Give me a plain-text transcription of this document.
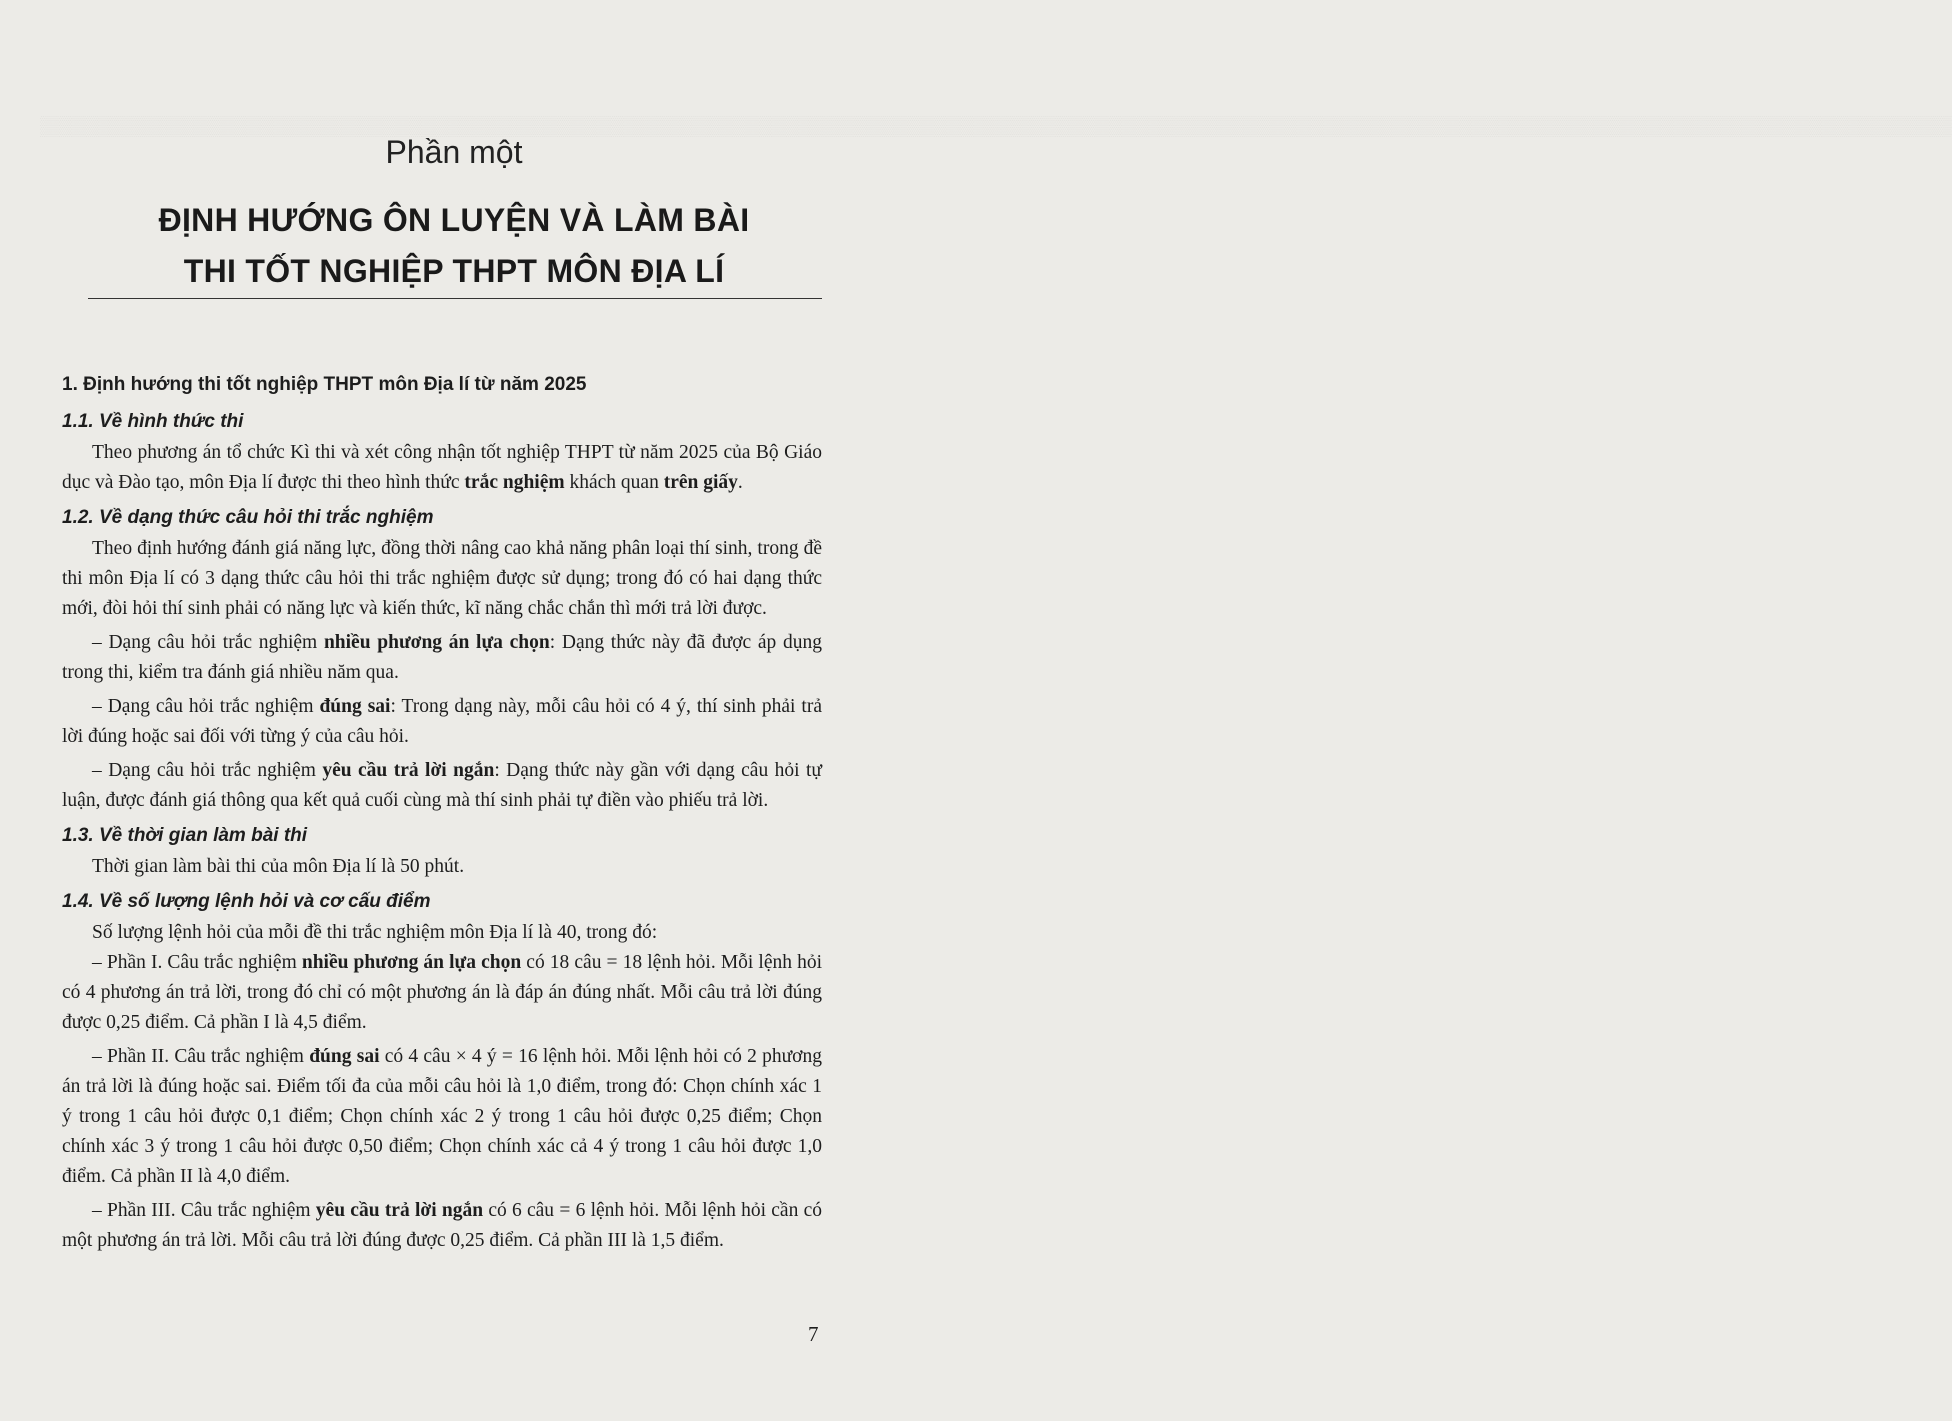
▒▒▒▒▒▒▒▒▒▒▒▒▒▒▒▒▒▒▒▒▒▒▒▒▒▒▒▒▒▒▒▒▒▒▒▒▒▒▒▒▒▒▒▒▒▒▒▒▒▒▒▒▒▒▒▒▒▒▒▒▒▒▒▒▒▒▒▒▒▒▒▒▒▒▒▒▒▒▒▒▒▒▒▒▒▒▒▒▒▒▒▒▒▒▒▒▒▒▒▒▒▒▒▒▒▒▒▒▒▒▒▒▒▒▒▒▒▒▒▒▒▒▒▒▒▒▒▒▒▒▒▒▒▒▒▒▒▒▒▒▒▒
Phần một
ĐỊNH HƯỚNG ÔN LUYỆN VÀ LÀM BÀI
THI TỐT NGHIỆP THPT MÔN ĐỊA LÍ
1. Định hướng thi tốt nghiệp THPT môn Địa lí từ năm 2025
1.1. Về hình thức thi

Theo phương án tổ chức Kì thi và xét công nhận tốt nghiệp THPT từ năm 2025 của Bộ Giáo dục và Đào tạo, môn Địa lí được thi theo hình thức trắc nghiệm khách quan trên giấy.

1.2. Về dạng thức câu hỏi thi trắc nghiệm

Theo định hướng đánh giá năng lực, đồng thời nâng cao khả năng phân loại thí sinh, trong đề thi môn Địa lí có 3 dạng thức câu hỏi thi trắc nghiệm được sử dụng; trong đó có hai dạng thức mới, đòi hỏi thí sinh phải có năng lực và kiến thức, kĩ năng chắc chắn thì mới trả lời được.

– Dạng câu hỏi trắc nghiệm nhiều phương án lựa chọn: Dạng thức này đã được áp dụng trong thi, kiểm tra đánh giá nhiều năm qua.

– Dạng câu hỏi trắc nghiệm đúng sai: Trong dạng này, mỗi câu hỏi có 4 ý, thí sinh phải trả lời đúng hoặc sai đối với từng ý của câu hỏi.

– Dạng câu hỏi trắc nghiệm yêu cầu trả lời ngắn: Dạng thức này gần với dạng câu hỏi tự luận, được đánh giá thông qua kết quả cuối cùng mà thí sinh phải tự điền vào phiếu trả lời.

1.3. Về thời gian làm bài thi

Thời gian làm bài thi của môn Địa lí là 50 phút.

1.4. Về số lượng lệnh hỏi và cơ cấu điểm

Số lượng lệnh hỏi của mỗi đề thi trắc nghiệm môn Địa lí là 40, trong đó:

– Phần I. Câu trắc nghiệm nhiều phương án lựa chọn có 18 câu = 18 lệnh hỏi. Mỗi lệnh hỏi có 4 phương án trả lời, trong đó chỉ có một phương án là đáp án đúng nhất. Mỗi câu trả lời đúng được 0,25 điểm. Cả phần I là 4,5 điểm.

– Phần II. Câu trắc nghiệm đúng sai có 4 câu × 4 ý = 16 lệnh hỏi. Mỗi lệnh hỏi có 2 phương án trả lời là đúng hoặc sai. Điểm tối đa của mỗi câu hỏi là 1,0 điểm, trong đó: Chọn chính xác 1 ý trong 1 câu hỏi được 0,1 điểm; Chọn chính xác 2 ý trong 1 câu hỏi được 0,25 điểm; Chọn chính xác 3 ý trong 1 câu hỏi được 0,50 điểm; Chọn chính xác cả 4 ý trong 1 câu hỏi được 1,0 điểm. Cả phần II là 4,0 điểm.

– Phần III. Câu trắc nghiệm yêu cầu trả lời ngắn có 6 câu = 6 lệnh hỏi. Mỗi lệnh hỏi cần có một phương án trả lời. Mỗi câu trả lời đúng được 0,25 điểm. Cả phần III là 1,5 điểm.

7
